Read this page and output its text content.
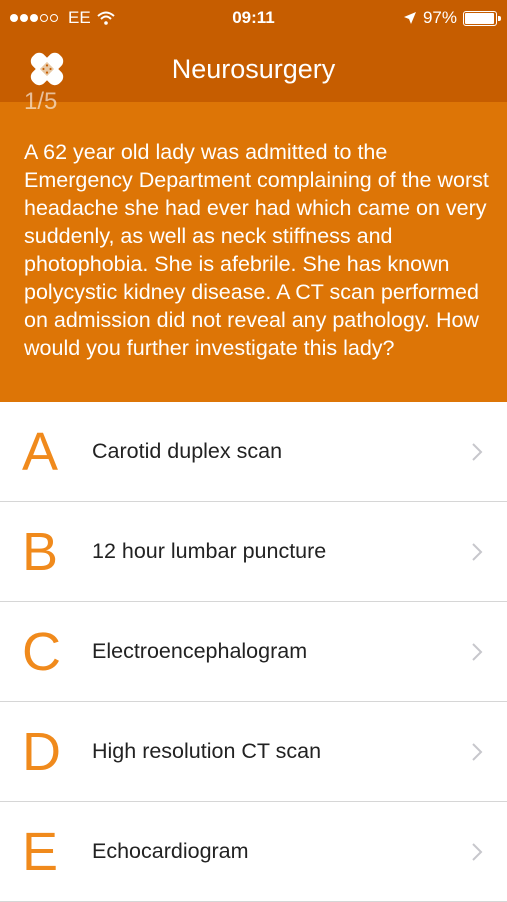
EE	09:11	97%
Neurosurgery
1/5
A 62 year old lady was admitted to the Emergency Department complaining of the worst headache she had ever had which came on very suddenly, as well as neck stiffness and photophobia. She is afebrile. She has known polycystic kidney disease. A CT scan performed on admission did not reveal any pathology. How would you further investigate this lady?
A Carotid duplex scan
B 12 hour lumbar puncture
C Electroencephalogram
D High resolution CT scan
E Echocardiogram
